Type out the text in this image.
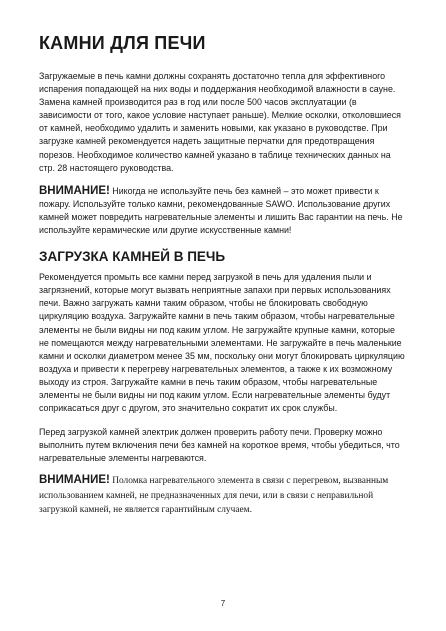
КАМНИ ДЛЯ ПЕЧИ

Загружаемые в печь камни должны сохранять достаточно тепла для эффективного испарения попадающей на них воды и поддержания необходимой влажности в сауне. Замена камней производится раз в год или после 500 часов эксплуатации (в зависимости от того, какое условие наступает раньше). Мелкие осколки, отколовшиеся от камней, необходимо удалить и заменить новыми, как указано в руководстве. При загрузке камней рекомендуется надеть защитные перчатки для предотвращения порезов. Необходимое количество камней указано в таблице технических данных на стр. 28 настоящего руководства.

ВНИМАНИЕ! Никогда не используйте печь без камней – это может привести к пожару. Используйте только камни, рекомендованные SAWO. Использование других камней может повредить нагревательные элементы и лишить Вас гарантии на печь. Не используйте керамические или другие искусственные камни!

ЗАГРУЗКА КАМНЕЙ В ПЕЧЬ

Рекомендуется промыть все камни перед загрузкой в печь для удаления пыли и загрязнений, которые могут вызвать неприятные запахи при первых использованиях печи. Важно загружать камни таким образом, чтобы не блокировать свободную циркуляцию воздуха. Загружайте камни в печь таким образом, чтобы нагревательные элементы не были видны ни под каким углом. Не загружайте крупные камни, которые не помещаются между нагревательными элементами. Не загружайте в печь маленькие камни и осколки диаметром менее 35 мм, поскольку они могут блокировать циркуляцию воздуха и привести к перегреву нагревательных элементов, а также к их возможному выходу из строя. Загружайте камни в печь таким образом, чтобы нагревательные элементы не были видны ни под каким углом. Если нагревательные элементы будут соприкасаться друг с другом, это значительно сократит их срок службы.

Перед загрузкой камней электрик должен проверить работу печи. Проверку можно выполнить путем включения печи без камней на короткое время, чтобы убедиться, что нагревательные элементы нагреваются.

ВНИМАНИЕ! Поломка нагревательного элемента в связи с перегревом, вызванным использованием камней, не предназначенных для печи, или в связи с неправильной загрузкой камней, не является гарантийным случаем.

7
